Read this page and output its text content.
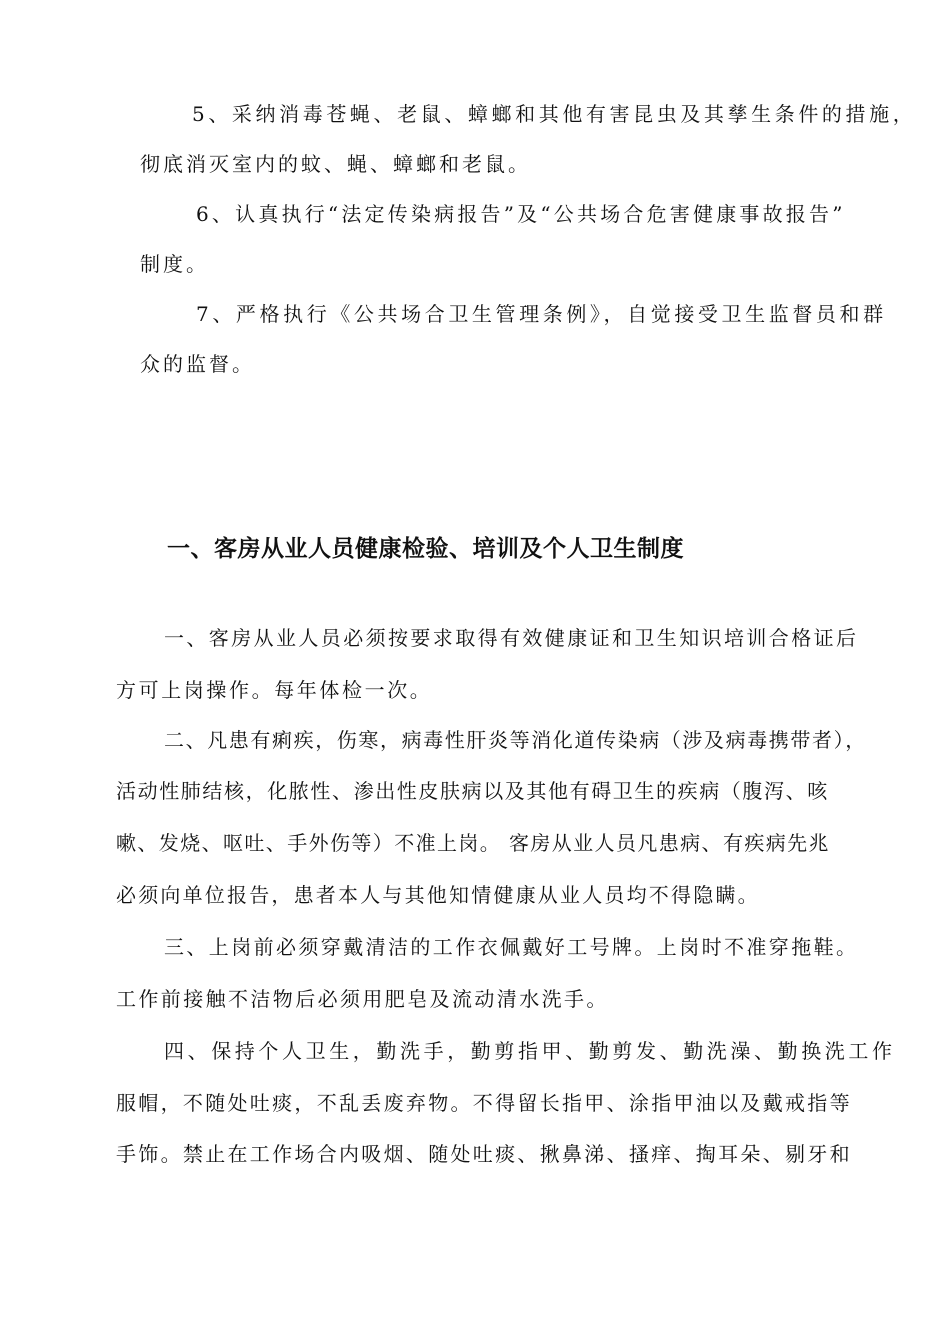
5、采纳消毒苍蝇、老鼠、蟑螂和其他有害昆虫及其孳生条件的措施，
彻底消灭室内的蚊、蝇、蟑螂和老鼠。
6、认真执行“法定传染病报告”及“公共场合危害健康事故报告”
制度。
7、严格执行《公共场合卫生管理条例》，自觉接受卫生监督员和群
众的监督。
一、客房从业人员健康检验、培训及个人卫生制度
一、客房从业人员必须按要求取得有效健康证和卫生知识培训合格证后
方可上岗操作。每年体检一次。
二、凡患有痢疾，伤寒，病毒性肝炎等消化道传染病（涉及病毒携带者），
活动性肺结核，化脓性、渗出性皮肤病以及其他有碍卫生的疾病（腹泻、咳
嗽、发烧、呕吐、手外伤等）不准上岗。 客房从业人员凡患病、有疾病先兆
必须向单位报告，患者本人与其他知情健康从业人员均不得隐瞒。
三、上岗前必须穿戴清洁的工作衣佩戴好工号牌。上岗时不准穿拖鞋。
工作前接触不洁物后必须用肥皂及流动清水洗手。
四、保持个人卫生，勤洗手，勤剪指甲、勤剪发、勤洗澡、勤换洗工作
服帽，不随处吐痰，不乱丢废弃物。不得留长指甲、涂指甲油以及戴戒指等
手饰。禁止在工作场合内吸烟、随处吐痰、揪鼻涕、搔痒、掏耳朵、剔牙和
